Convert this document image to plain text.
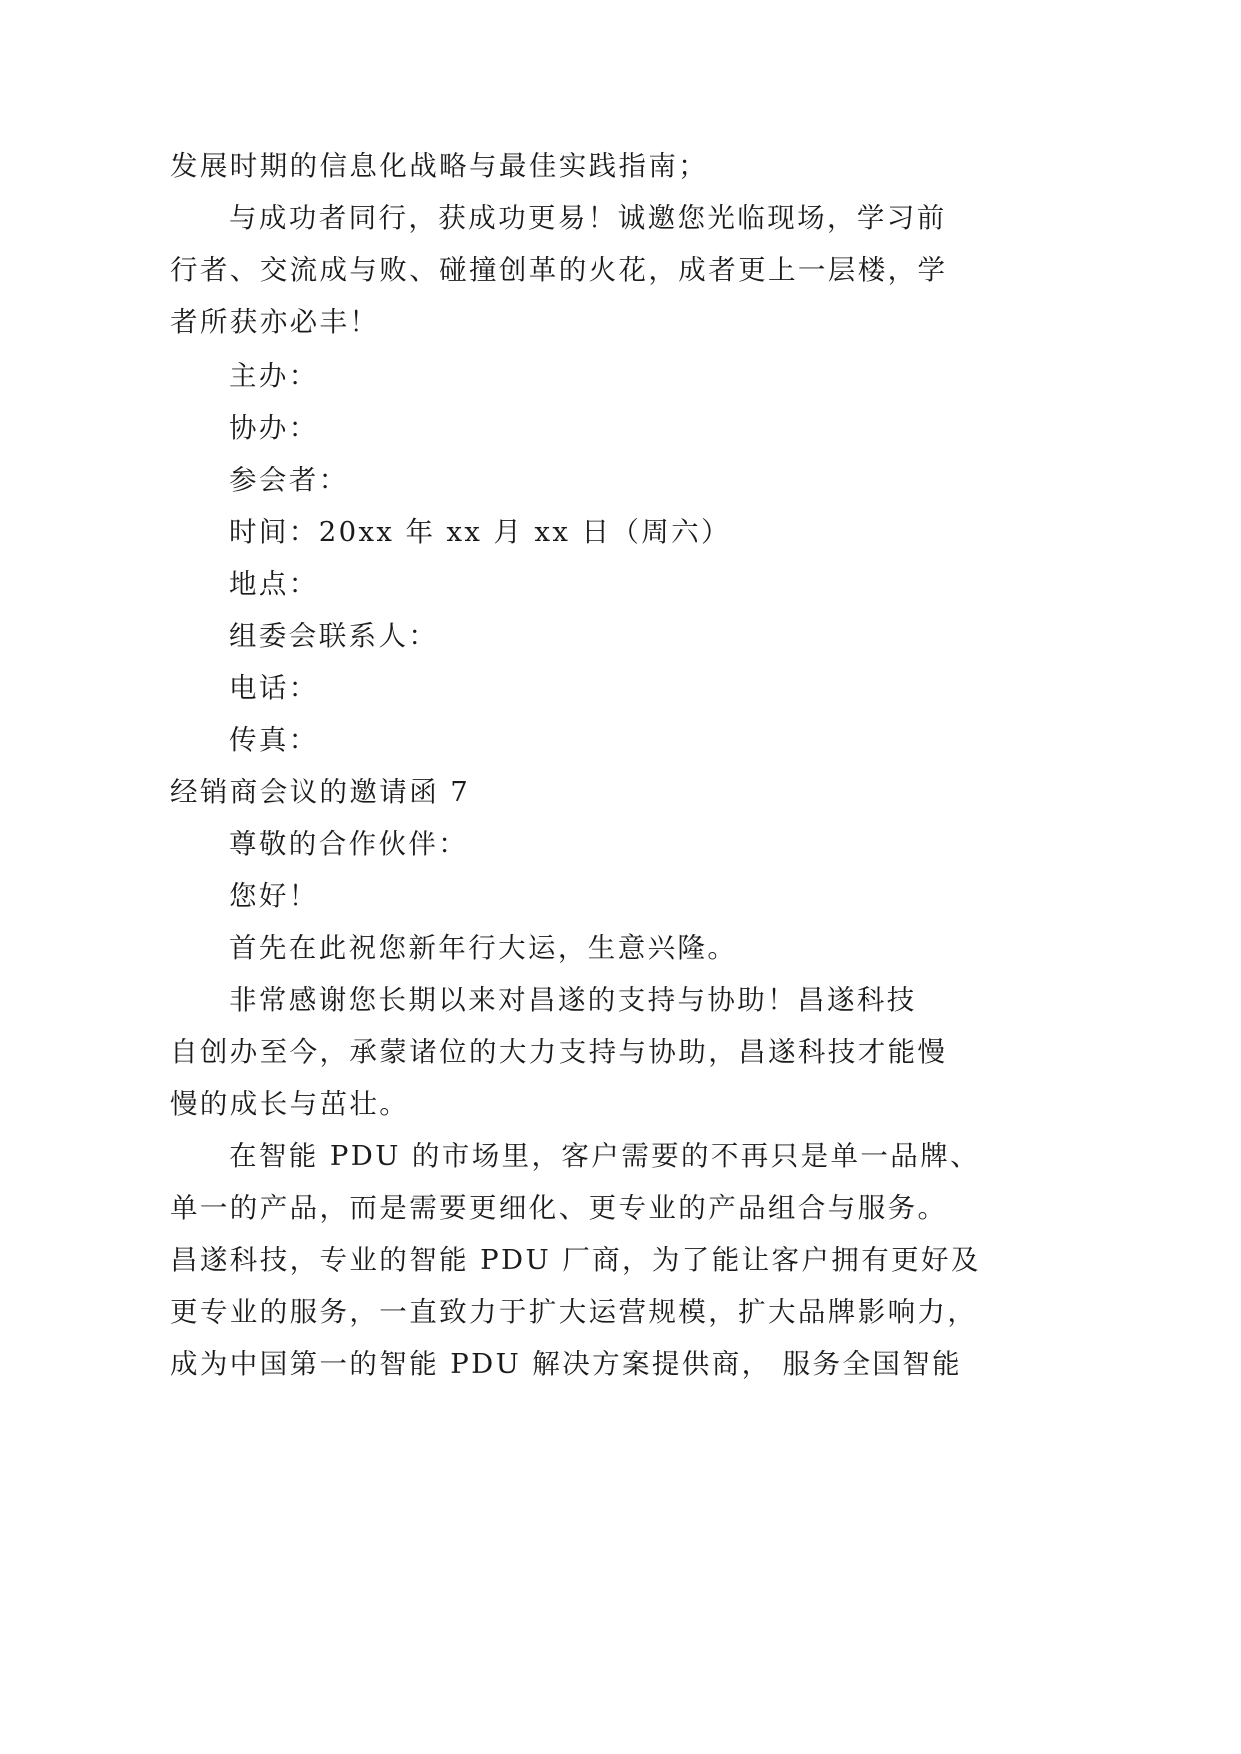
发展时期的信息化战略与最佳实践指南；
与成功者同行，获成功更易！诚邀您光临现场，学习前
行者、交流成与败、碰撞创革的火花，成者更上一层楼，学
者所获亦必丰！
主办：
协办：
参会者：
时间：20xx 年 xx 月 xx 日（周六）
地点：
组委会联系人：
电话：
传真：
经销商会议的邀请函 7
尊敬的合作伙伴：
您好！
首先在此祝您新年行大运，生意兴隆。
非常感谢您长期以来对昌遂的支持与协助！昌遂科技
自创办至今，承蒙诸位的大力支持与协助，昌遂科技才能慢
慢的成长与茁壮。
在智能 PDU 的市场里，客户需要的不再只是单一品牌、
单一的产品，而是需要更细化、更专业的产品组合与服务。
昌遂科技，专业的智能 PDU 厂商，为了能让客户拥有更好及
更专业的服务，一直致力于扩大运营规模，扩大品牌影响力，
成为中国第一的智能 PDU 解决方案提供商， 服务全国智能
